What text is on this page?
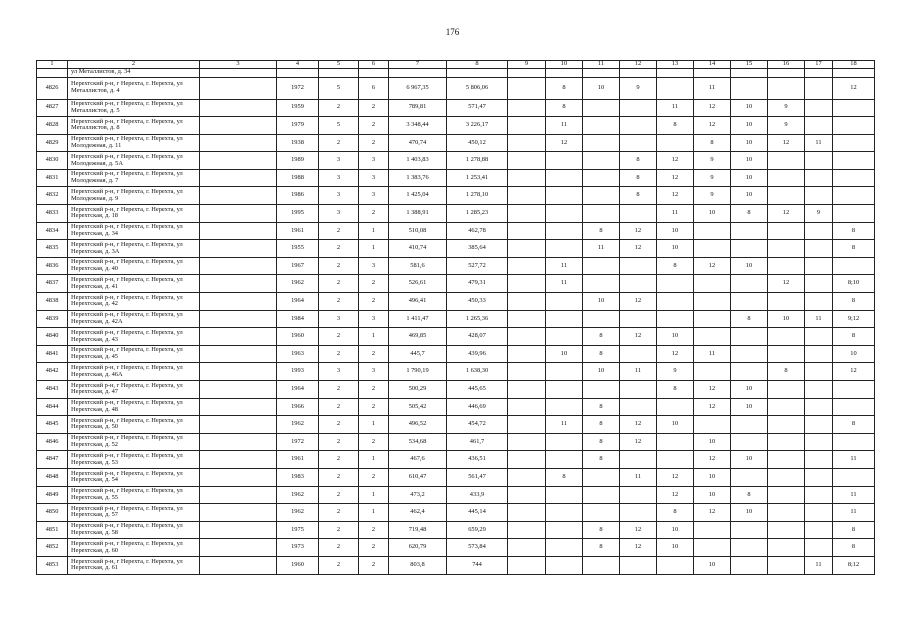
176
1	2	3	4	5	6	7	8	9	10	11	12	13	14	15	16	17	18
	ул Металлистов, д. 34																
4826	Нерехтский р-н, г Нерехта, г. Нерехта, ул Металлистов, д. 4		1972	5	6	6 967,35	5 806,06		8	10	9		11				12
4827	Нерехтский р-н, г Нерехта, г. Нерехта, ул Металлистов, д. 5		1959	2	2	789,81	571,47		8			11	12	10	9		
4828	Нерехтский р-н, г Нерехта, г. Нерехта, ул Металлистов, д. 8		1979	5	2	3 348,44	3 226,17		11			8	12	10	9		
4829	Нерехтский р-н, г Нерехта, г. Нерехта, ул Молодежная, д. 11		1938	2	2	470,74	450,12		12				8	10	12	11	
4830	Нерехтский р-н, г Нерехта, г. Нерехта, ул Молодежная, д. 5А		1989	3	3	1 403,83	1 278,88				8	12	9	10			
4831	Нерехтский р-н, г Нерехта, г. Нерехта, ул Молодежная, д. 7		1988	3	3	1 383,76	1 253,41				8	12	9	10			
4832	Нерехтский р-н, г Нерехта, г. Нерехта, ул Молодежная, д. 9		1986	3	3	1 425,04	1 278,10				8	12	9	10			
4833	Нерехтский р-н, г Нерехта, г. Нерехта, ул Нерехтская, д. 18		1995	3	2	1 388,91	1 285,23					11	10	8	12	9	
4834	Нерехтский р-н, г Нерехта, г. Нерехта, ул Нерехтская, д. 34		1961	2	1	510,08	462,78			8	12	10					8
4835	Нерехтский р-н, г Нерехта, г. Нерехта, ул Нерехтская, д. 3А		1955	2	1	410,74	385,64			11	12	10					8
4836	Нерехтский р-н, г Нерехта, г. Нерехта, ул Нерехтская, д. 40		1967	2	3	581,6	527,72		11			8	12	10			
4837	Нерехтский р-н, г Нерехта, г. Нерехта, ул Нерехтская, д. 41		1962	2	2	526,61	479,31		11						12		8;10
4838	Нерехтский р-н, г Нерехта, г. Нерехта, ул Нерехтская, д. 42		1964	2	2	496,41	450,33			10	12						8
4839	Нерехтский р-н, г Нерехта, г. Нерехта, ул Нерехтская, д. 42А		1984	3	3	1 411,47	1 265,36							8	10	11	9;12
4840	Нерехтский р-н, г Нерехта, г. Нерехта, ул Нерехтская, д. 43		1960	2	1	469,85	428,07			8	12	10					8
4841	Нерехтский р-н, г Нерехта, г. Нерехта, ул Нерехтская, д. 45		1963	2	2	445,7	439,96		10	8		12	11				10
4842	Нерехтский р-н, г Нерехта, г. Нерехта, ул Нерехтская, д. 46А		1993	3	3	1 790,19	1 638,30			10	11	9			8		12
4843	Нерехтский р-н, г Нерехта, г. Нерехта, ул Нерехтская, д. 47		1964	2	2	500,29	445,65					8	12	10			
4844	Нерехтский р-н, г Нерехта, г. Нерехта, ул Нерехтская, д. 48		1966	2	2	505,42	446,69			8			12	10			
4845	Нерехтский р-н, г Нерехта, г. Нерехта, ул Нерехтская, д. 50		1962	2	1	496,52	454,72		11	8	12	10					8
4846	Нерехтский р-н, г Нерехта, г. Нерехта, ул Нерехтская, д. 52		1972	2	2	534,68	461,7			8	12		10				
4847	Нерехтский р-н, г Нерехта, г. Нерехта, ул Нерехтская, д. 53		1961	2	1	467,6	436,51			8			12	10			11
4848	Нерехтский р-н, г Нерехта, г. Нерехта, ул Нерехтская, д. 54		1983	2	2	610,47	561,47		8		11	12	10				
4849	Нерехтский р-н, г Нерехта, г. Нерехта, ул Нерехтская, д. 55		1962	2	1	473,2	433,9					12	10	8			11
4850	Нерехтский р-н, г Нерехта, г. Нерехта, ул Нерехтская, д. 57		1962	2	1	462,4	445,14					8	12	10			11
4851	Нерехтский р-н, г Нерехта, г. Нерехта, ул Нерехтская, д. 58		1975	2	2	719,48	659,29			8	12	10					8
4852	Нерехтский р-н, г Нерехта, г. Нерехта, ул Нерехтская, д. 60		1973	2	2	620,79	573,84			8	12	10					8
4853	Нерехтский р-н, г Нерехта, г. Нерехта, ул Нерехтская, д. 61		1960	2	2	803,8	744						10			11	8;12
